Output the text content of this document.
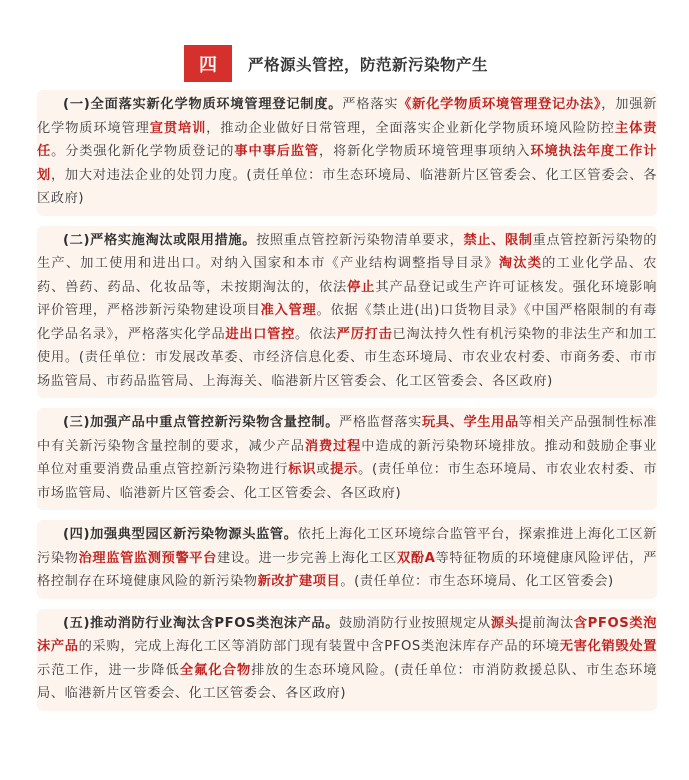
四	严格源头管控，防范新污染物产生

(一)全面落实新化学物质环境管理登记制度。严格落实《新化学物质环境管理登记办法》，加强新化学物质环境管理宣贯培训，推动企业做好日常管理，全面落实企业新化学物质环境风险防控主体责任。分类强化新化学物质登记的事中事后监管，将新化学物质环境管理事项纳入环境执法年度工作计划，加大对违法企业的处罚力度。(责任单位：市生态环境局、临港新片区管委会、化工区管委会、各区政府)

(二)严格实施淘汰或限用措施。按照重点管控新污染物清单要求，禁止、限制重点管控新污染物的生产、加工使用和进出口。对纳入国家和本市《产业结构调整指导目录》淘汰类的工业化学品、农药、兽药、药品、化妆品等，未按期淘汰的，依法停止其产品登记或生产许可证核发。强化环境影响评价管理，严格涉新污染物建设项目准入管理。依据《禁止进(出)口货物目录》《中国严格限制的有毒化学品名录》，严格落实化学品进出口管控。依法严厉打击已淘汰持久性有机污染物的非法生产和加工使用。(责任单位：市发展改革委、市经济信息化委、市生态环境局、市农业农村委、市商务委、市市场监管局、市药品监管局、上海海关、临港新片区管委会、化工区管委会、各区政府)

(三)加强产品中重点管控新污染物含量控制。严格监督落实玩具、学生用品等相关产品强制性标准中有关新污染物含量控制的要求，减少产品消费过程中造成的新污染物环境排放。推动和鼓励企事业单位对重要消费品重点管控新污染物进行标识或提示。(责任单位：市生态环境局、市农业农村委、市市场监管局、临港新片区管委会、化工区管委会、各区政府)

(四)加强典型园区新污染物源头监管。依托上海化工区环境综合监管平台，探索推进上海化工区新污染物治理监管监测预警平台建设。进一步完善上海化工区双酚A等特征物质的环境健康风险评估，严格控制存在环境健康风险的新污染物新改扩建项目。(责任单位：市生态环境局、化工区管委会)

(五)推动消防行业淘汰含PFOS类泡沫产品。鼓励消防行业按照规定从源头提前淘汰含PFOS类泡沫产品的采购，完成上海化工区等消防部门现有装置中含PFOS类泡沫库存产品的环境无害化销毁处置示范工作，进一步降低全氟化合物排放的生态环境风险。(责任单位：市消防救援总队、市生态环境局、临港新片区管委会、化工区管委会、各区政府)
